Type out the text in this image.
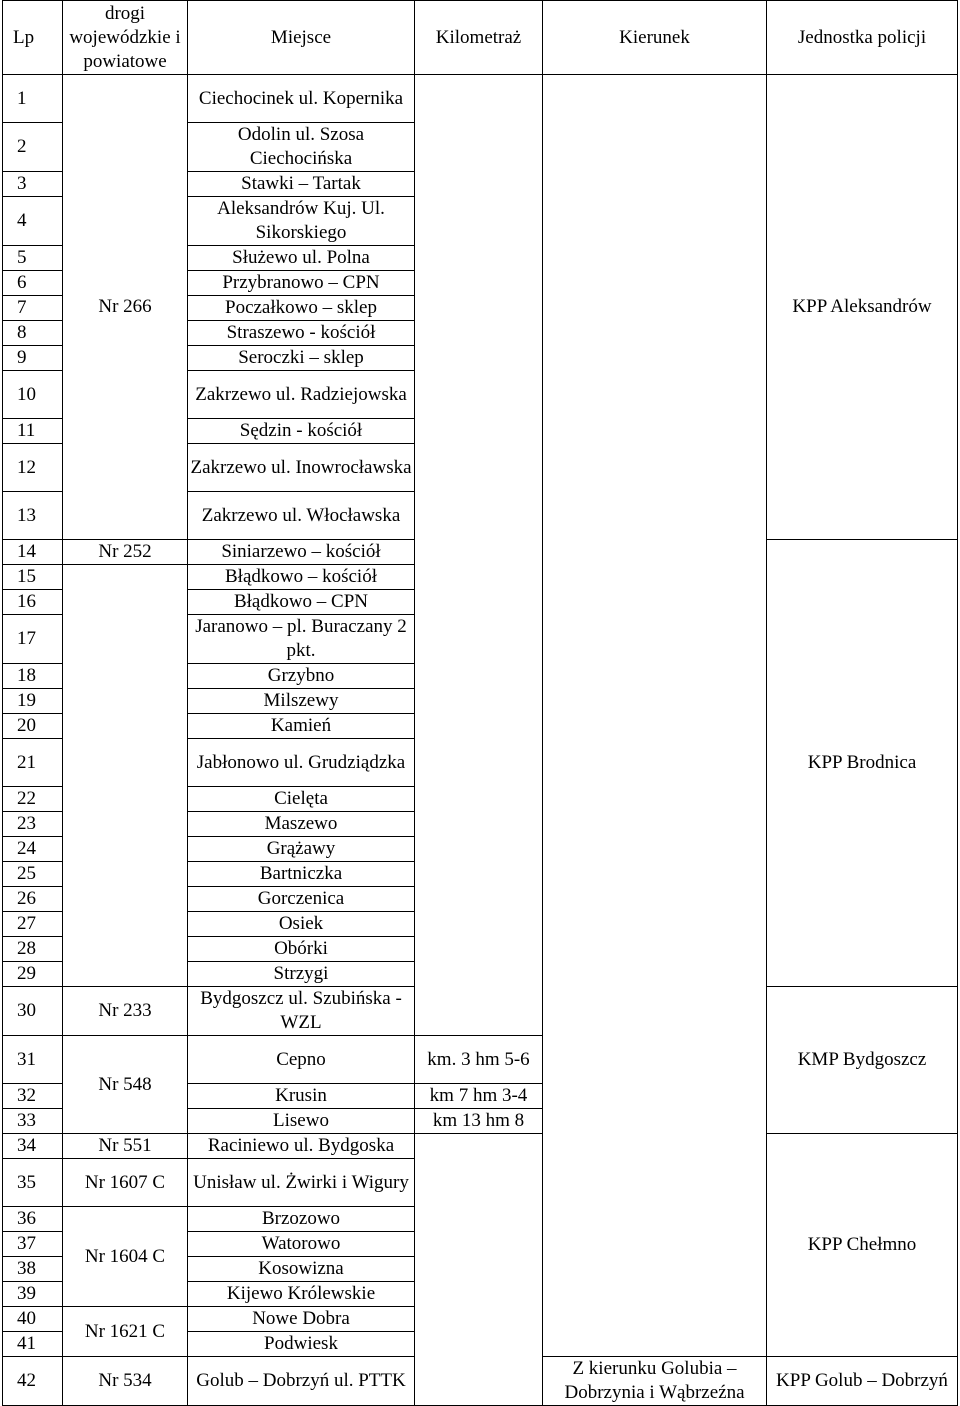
Lp	drogi wojewódzkie i powiatowe	Miejsce	Kilometraż	Kierunek	Jednostka policji
1	Nr 266	Ciechocinek ul. Kopernika			KPP Aleksandrów
2		Odolin ul. Szosa Ciechocińska			
3		Stawki – Tartak			
4		Aleksandrów Kuj. Ul. Sikorskiego			
5		Służewo ul. Polna			
6		Przybranowo – CPN			
7		Poczałkowo – sklep			
8		Straszewo - kościół			
9		Seroczki – sklep			
10		Zakrzewo ul. Radziejowska			
11		Sędzin - kościół			
12		Zakrzewo ul. Inowrocławska			
13		Zakrzewo ul. Włocławska			
14	Nr 252	Siniarzewo – kościół			KPP Brodnica
15		Błądkowo – kościół			
16		Błądkowo – CPN			
17		Jaranowo – pl. Buraczany 2 pkt.			
18		Grzybno			
19		Milszewy			
20		Kamień			
21		Jabłonowo ul. Grudziądzka			
22		Cielęta			
23		Maszewo			
24		Grążawy			
25		Bartniczka			
26		Gorczenica			
27		Osiek			
28		Obórki			
29		Strzygi			
30	Nr 233	Bydgoszcz ul. Szubińska - WZL			KMP Bydgoszcz
31	Nr 548	Cepno	km. 3 hm 5-6		
32		Krusin	km 7 hm 3-4		
33		Lisewo	km 13 hm 8		
34	Nr 551	Raciniewo ul. Bydgoska			KPP Chełmno
35	Nr 1607 C	Unisław ul. Żwirki i Wigury			
36	Nr 1604 C	Brzozowo			
37		Watorowo			
38		Kosowizna			
39		Kijewo Królewskie			
40	Nr 1621 C	Nowe Dobra			
41		Podwiesk			
42	Nr 534	Golub – Dobrzyń ul. PTTK		Z kierunku Golubia – Dobrzynia i Wąbrzeźna	KPP Golub – Dobrzyń
